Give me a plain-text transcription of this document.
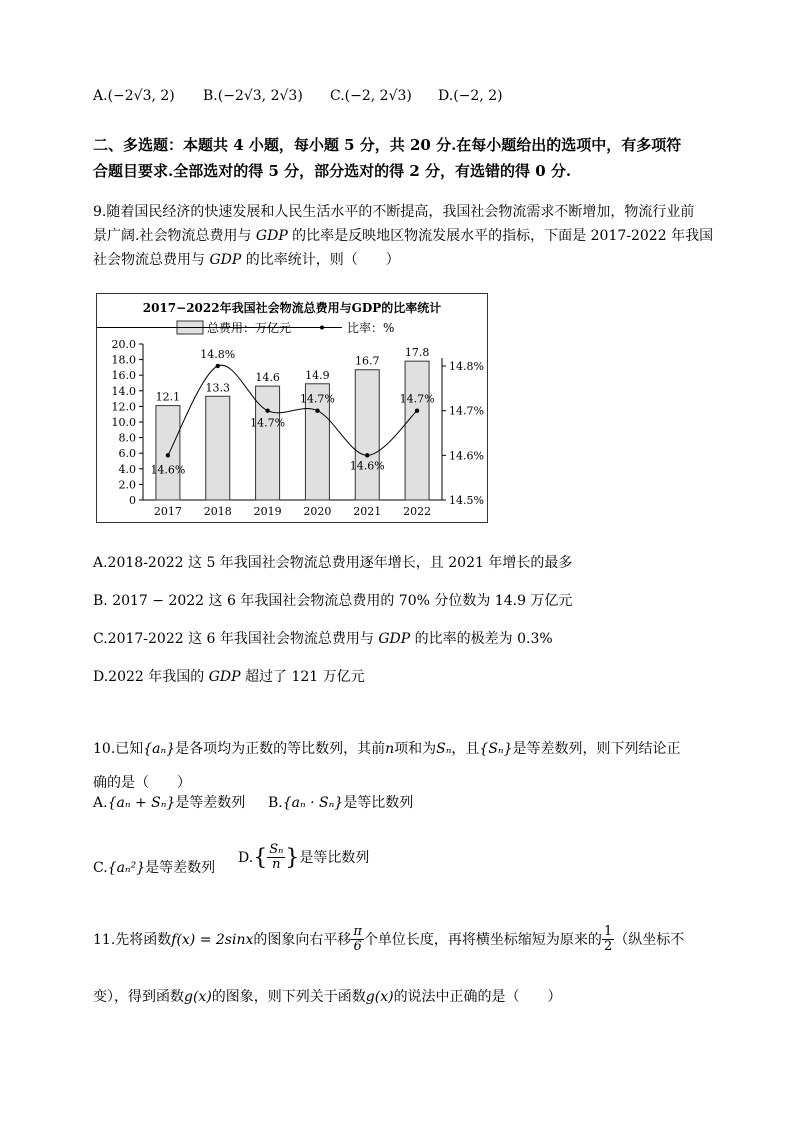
A.(−2√3, 2) B.(−2√3, 2√3) C.(−2, 2√3) D.(−2, 2)
二、多选题：本题共 4 小题，每小题 5 分，共 20 分.在每小题给出的选项中，有多项符
合题目要求.全部选对的得 5 分，部分选对的得 2 分，有选错的得 0 分.
9.随着国民经济的快速发展和人民生活水平的不断提高，我国社会物流需求不断增加，物流行业前
景广阔.社会物流总费用与 GDP 的比率是反映地区物流发展水平的指标，下面是 2017-2022 年我国
社会物流总费用与 GDP 的比率统计，则（　　）
2017−2022年我国社会物流总费用与GDP的比率统计
总费用：万亿元	比率：%
0
2.0
4.0
6.0
8.0
10.0
12.0
14.0
16.0
18.0
20.0
14.5%
14.6%
14.7%
14.8%
2017 2018 2019 2020 2021 2022
12.1
13.3
14.6 14.9
16.7
17.8
14.6%
14.8%
14.7%
14.7%
14.6%
14.7%
A.2018-2022 这 5 年我国社会物流总费用逐年增长，且 2021 年增长的最多
B. 2017 − 2022 这 6 年我国社会物流总费用的 70% 分位数为 14.9 万亿元
C.2017-2022 这 6 年我国社会物流总费用与 GDP 的比率的极差为 0.3%
D.2022 年我国的 GDP 超过了 121 万亿元
10.已知{aₙ}是各项均为正数的等比数列，其前n项和为Sₙ，且{Sₙ}是等差数列，则下列结论正
确的是（　　）
A.{aₙ + Sₙ}是等差数列 B.{aₙ · Sₙ}是等比数列
C.{aₙ²}是等差数列
$D.\{ \frac{\text{Sₙ}}{n}$ }是等比数列
11.先将函数f(x) = 2sinx的图象向右平移 $\frac{\pi}{6}$ 个单位长度，再将横坐标缩短为原来的 $\frac{1}{2}$ （纵坐标不
变），得到函数g(x)的图象，则下列关于函数g(x)的说法中正确的是（　　）
